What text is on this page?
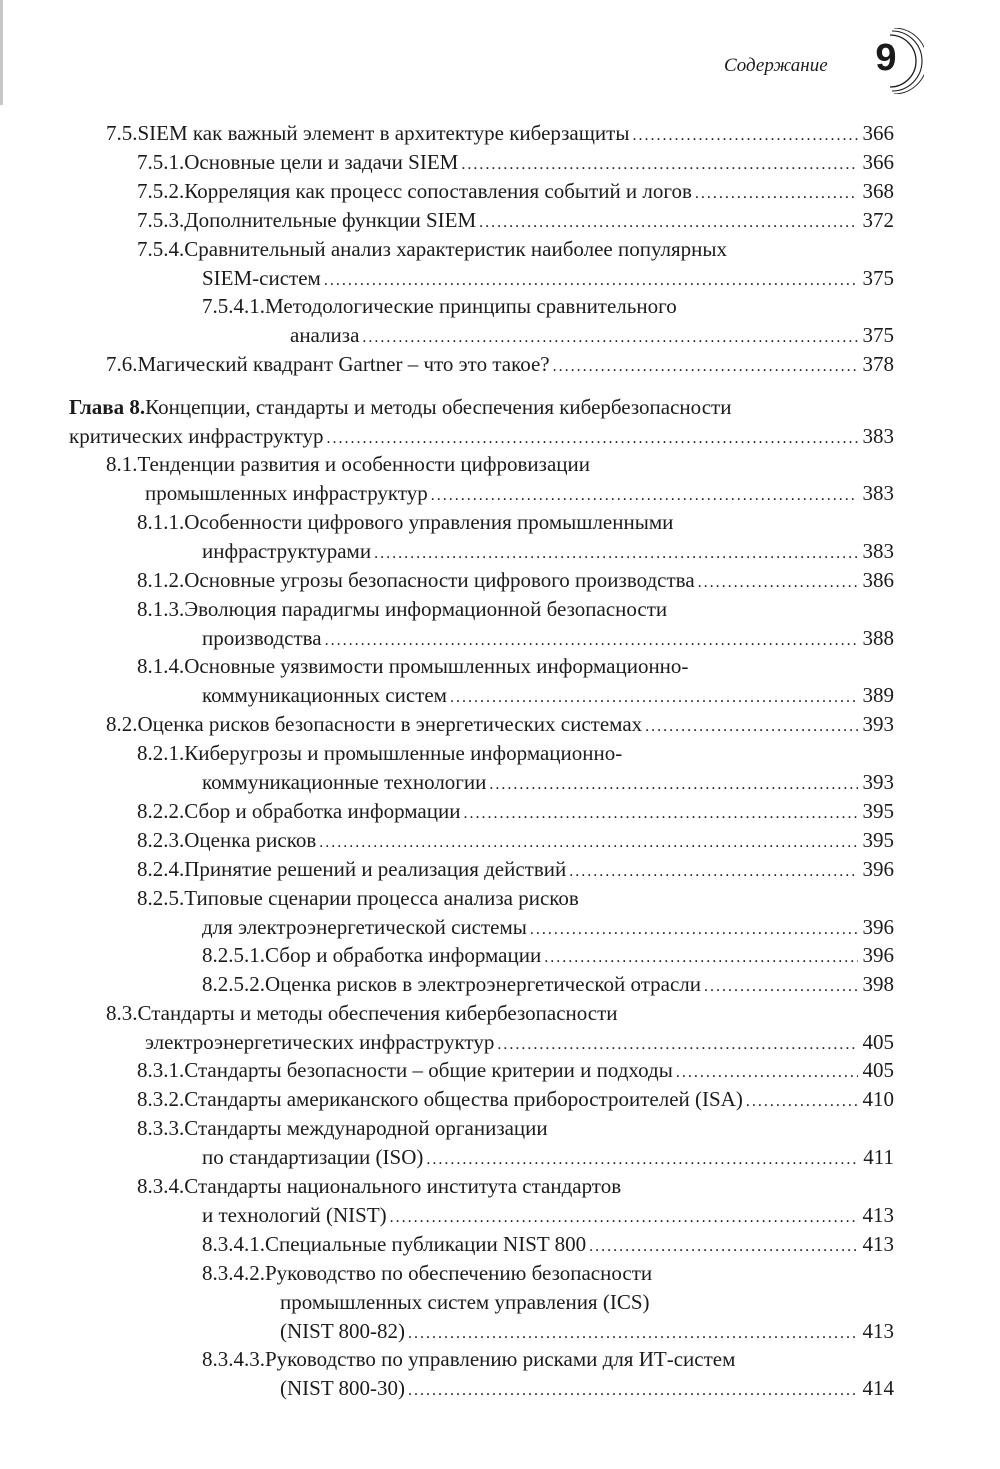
Содержание 9
7.5. SIEM как важный элемент в архитектуре киберзащиты .....	366
7.5.1. Основные цели и задачи SIEM .....	366
7.5.2. Корреляция как процесс сопоставления событий и логов .....	368
7.5.3. Дополнительные функции SIEM .....	372
7.5.4. Сравнительный анализ характеристик наиболее популярных
SIEM-систем .....	375
7.5.4.1. Методологические принципы сравнительного
анализа .....	375
7.6. Магический квадрант Gartner – что это такое? .....	378
Глава 8. Концепции, стандарты и методы обеспечения кибербезопасности
критических инфраструктур .....	383
8.1. Тенденции развития и особенности цифровизации
промышленных инфраструктур .....	383
8.1.1. Особенности цифрового управления промышленными
инфраструктурами .....	383
8.1.2. Основные угрозы безопасности цифрового производства .....	386
8.1.3. Эволюция парадигмы информационной безопасности
производства .....	388
8.1.4. Основные уязвимости промышленных информационно-
коммуникационных систем .....	389
8.2. Оценка рисков безопасности в энергетических системах .....	393
8.2.1. Киберугрозы и промышленные информационно-
коммуникационные технологии .....	393
8.2.2. Сбор и обработка информации .....	395
8.2.3. Оценка рисков .....	395
8.2.4. Принятие решений и реализация действий .....	396
8.2.5. Типовые сценарии процесса анализа рисков
для электроэнергетической системы .....	396
8.2.5.1. Сбор и обработка информации .....	396
8.2.5.2. Оценка рисков в электроэнергетической отрасли .....	398
8.3. Стандарты и методы обеспечения кибербезопасности
электроэнергетических инфраструктур .....	405
8.3.1. Стандарты безопасности – общие критерии и подходы .....	405
8.3.2. Стандарты американского общества приборостроителей (ISA) .....	410
8.3.3. Стандарты международной организации
по стандартизации (ISO) .....	411
8.3.4. Стандарты национального института стандартов
и технологий (NIST) .....	413
8.3.4.1. Специальные публикации NIST 800 .....	413
8.3.4.2. Руководство по обеспечению безопасности
промышленных систем управления (ICS)
(NIST 800-82) .....	413
8.3.4.3. Руководство по управлению рисками для ИТ-систем
(NIST 800-30) .....	414
